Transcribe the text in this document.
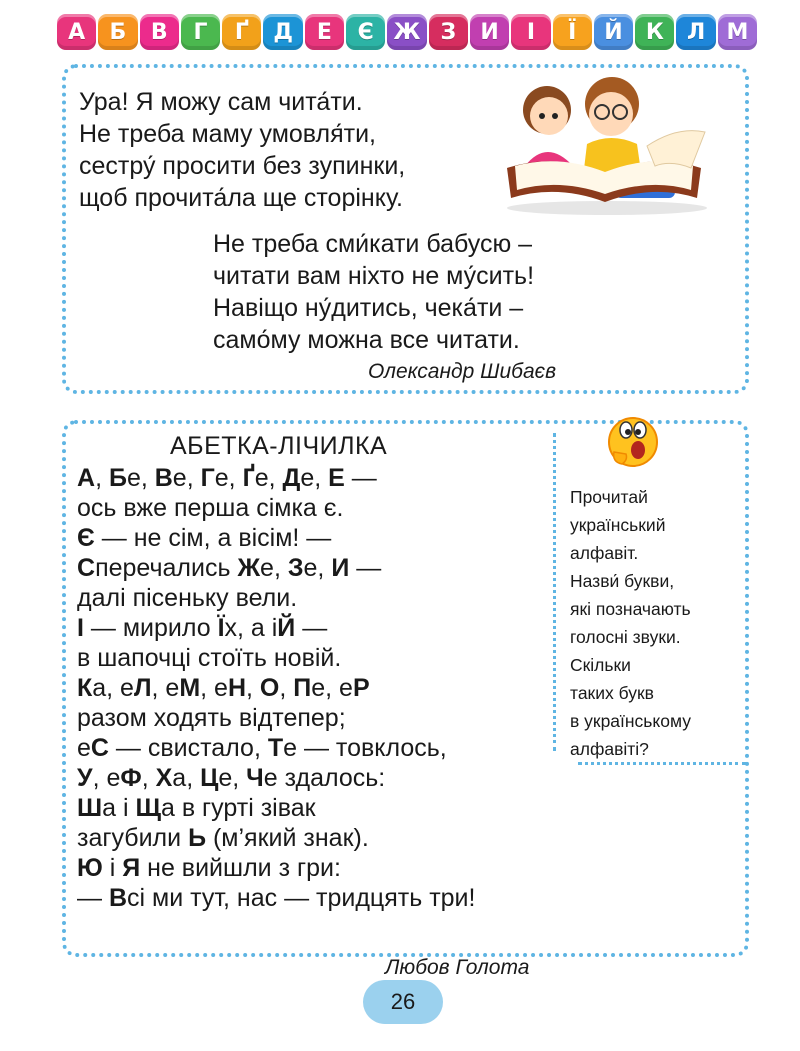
А	Б	В	Г	Ґ	Д	Е	Є Ж З	И	І	Ї	Й	К	Л М
Ура! Я можу сам чита́ти.
Не треба маму умовля́ти,
сестру́ просити без зупинки,
щоб прочита́ла ще сторінку.
Не треба сми́кати бабусю –
читати вам ніхто не му́сить!
Навіщо ну́дитись, чека́ти –
само́му можна все читати.
Олександр Шибаєв
АБЕТКА-ЛІЧИЛКА
А, Бе, Ве, Ге, Ґе, Де, Е —
ось вже перша сімка є.
Є — не сім, а вісім! —
Сперечались Же, Зе, И —
далі пісеньку вели.
І — мирило Їх, а іЙ —
в шапочці стоїть новій.
Ка, еЛ, еМ, еН, О, Пе, еР
разом ходять відтепер;
еС — свистало, Те — товклось,
У, еФ, Ха, Це, Че здалось:
Ша і Ща в гурті зівак
загубили Ь (м’який знак).
Ю і Я не вийшли з гри:
— Всі ми тут, нас — тридцять три!
Любов Голота
Прочитай
український
алфавіт.
Назви́ букви,
які позначають
голосні звуки.
Скільки
таких букв
в українському
алфавіті?
26
